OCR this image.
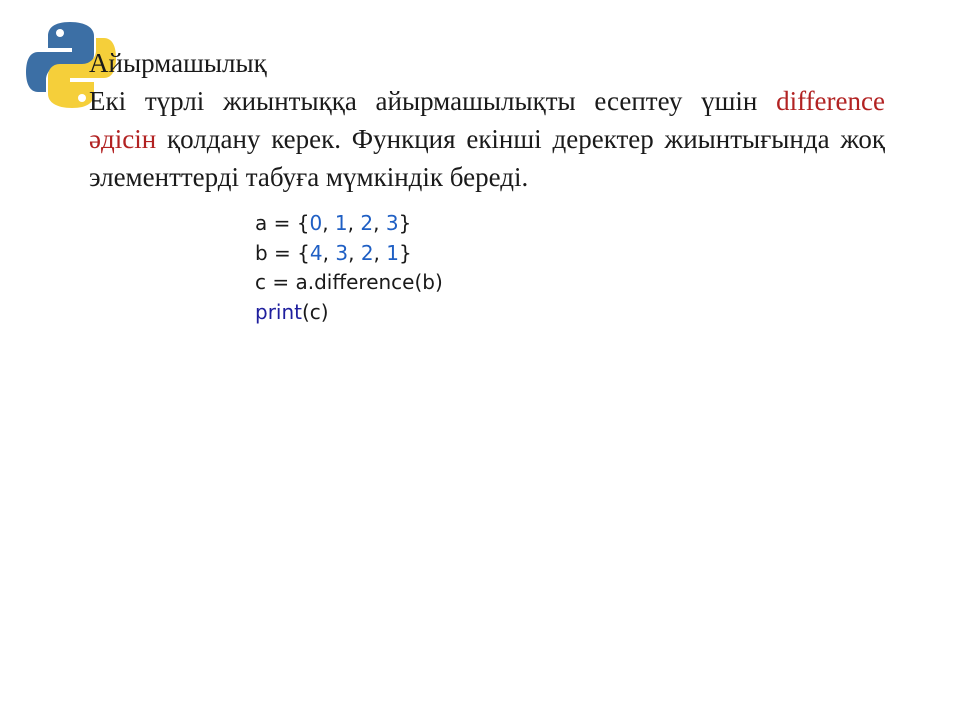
Айырмашылық

Екі түрлі жиынтыққа айырмашылықты есептеу үшін difference әдісін қолдану керек. Функция екінші деректер жиынтығында жоқ элементтерді табуға мүмкіндік береді.

a = {0, 1, 2, 3}
b = {4, 3, 2, 1}
c = a.difference(b)
print(c)
